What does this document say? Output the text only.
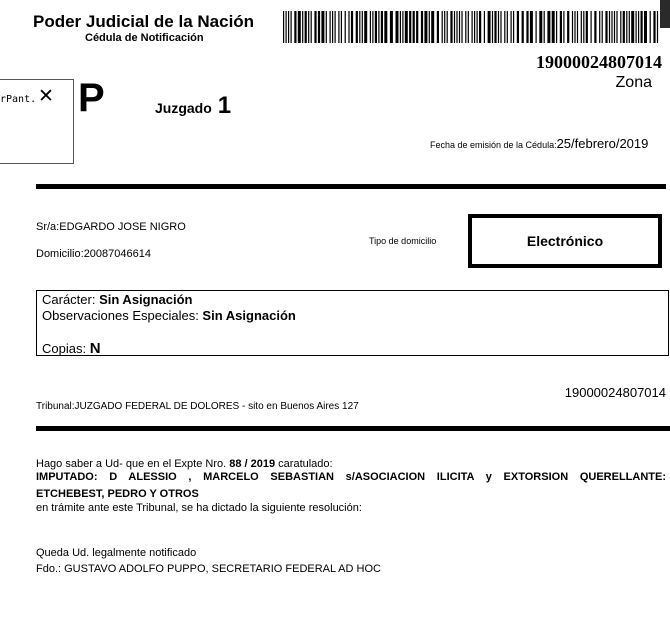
Poder Judicial de la Nación
Cédula de Notificación
19000024807014
Zona
rPant. ✕ P	Juzgado 1
Fecha de emisión de la Cédula:25/febrero/2019
Sr/a:EDGARDO JOSE NIGRO
Domicilio:20087046614
Tipo de domicilio	Electrónico
Carácter: Sin Asignación
Observaciones Especiales: Sin Asignación
Copias: N
19000024807014
Tribunal:JUZGADO FEDERAL DE DOLORES - sito en Buenos Aires 127
Hago saber a Ud- que en el Expte Nro. 88 / 2019 caratulado:
IMPUTADO: D ALESSIO , MARCELO SEBASTIAN s/ASOCIACION ILICITA y EXTORSION QUERELLANTE:
ETCHEBEST, PEDRO Y OTROS
en trámite ante este Tribunal, se ha dictado la siguiente resolución:
Queda Ud. legalmente notificado
Fdo.: GUSTAVO ADOLFO PUPPO, SECRETARIO FEDERAL AD HOC
